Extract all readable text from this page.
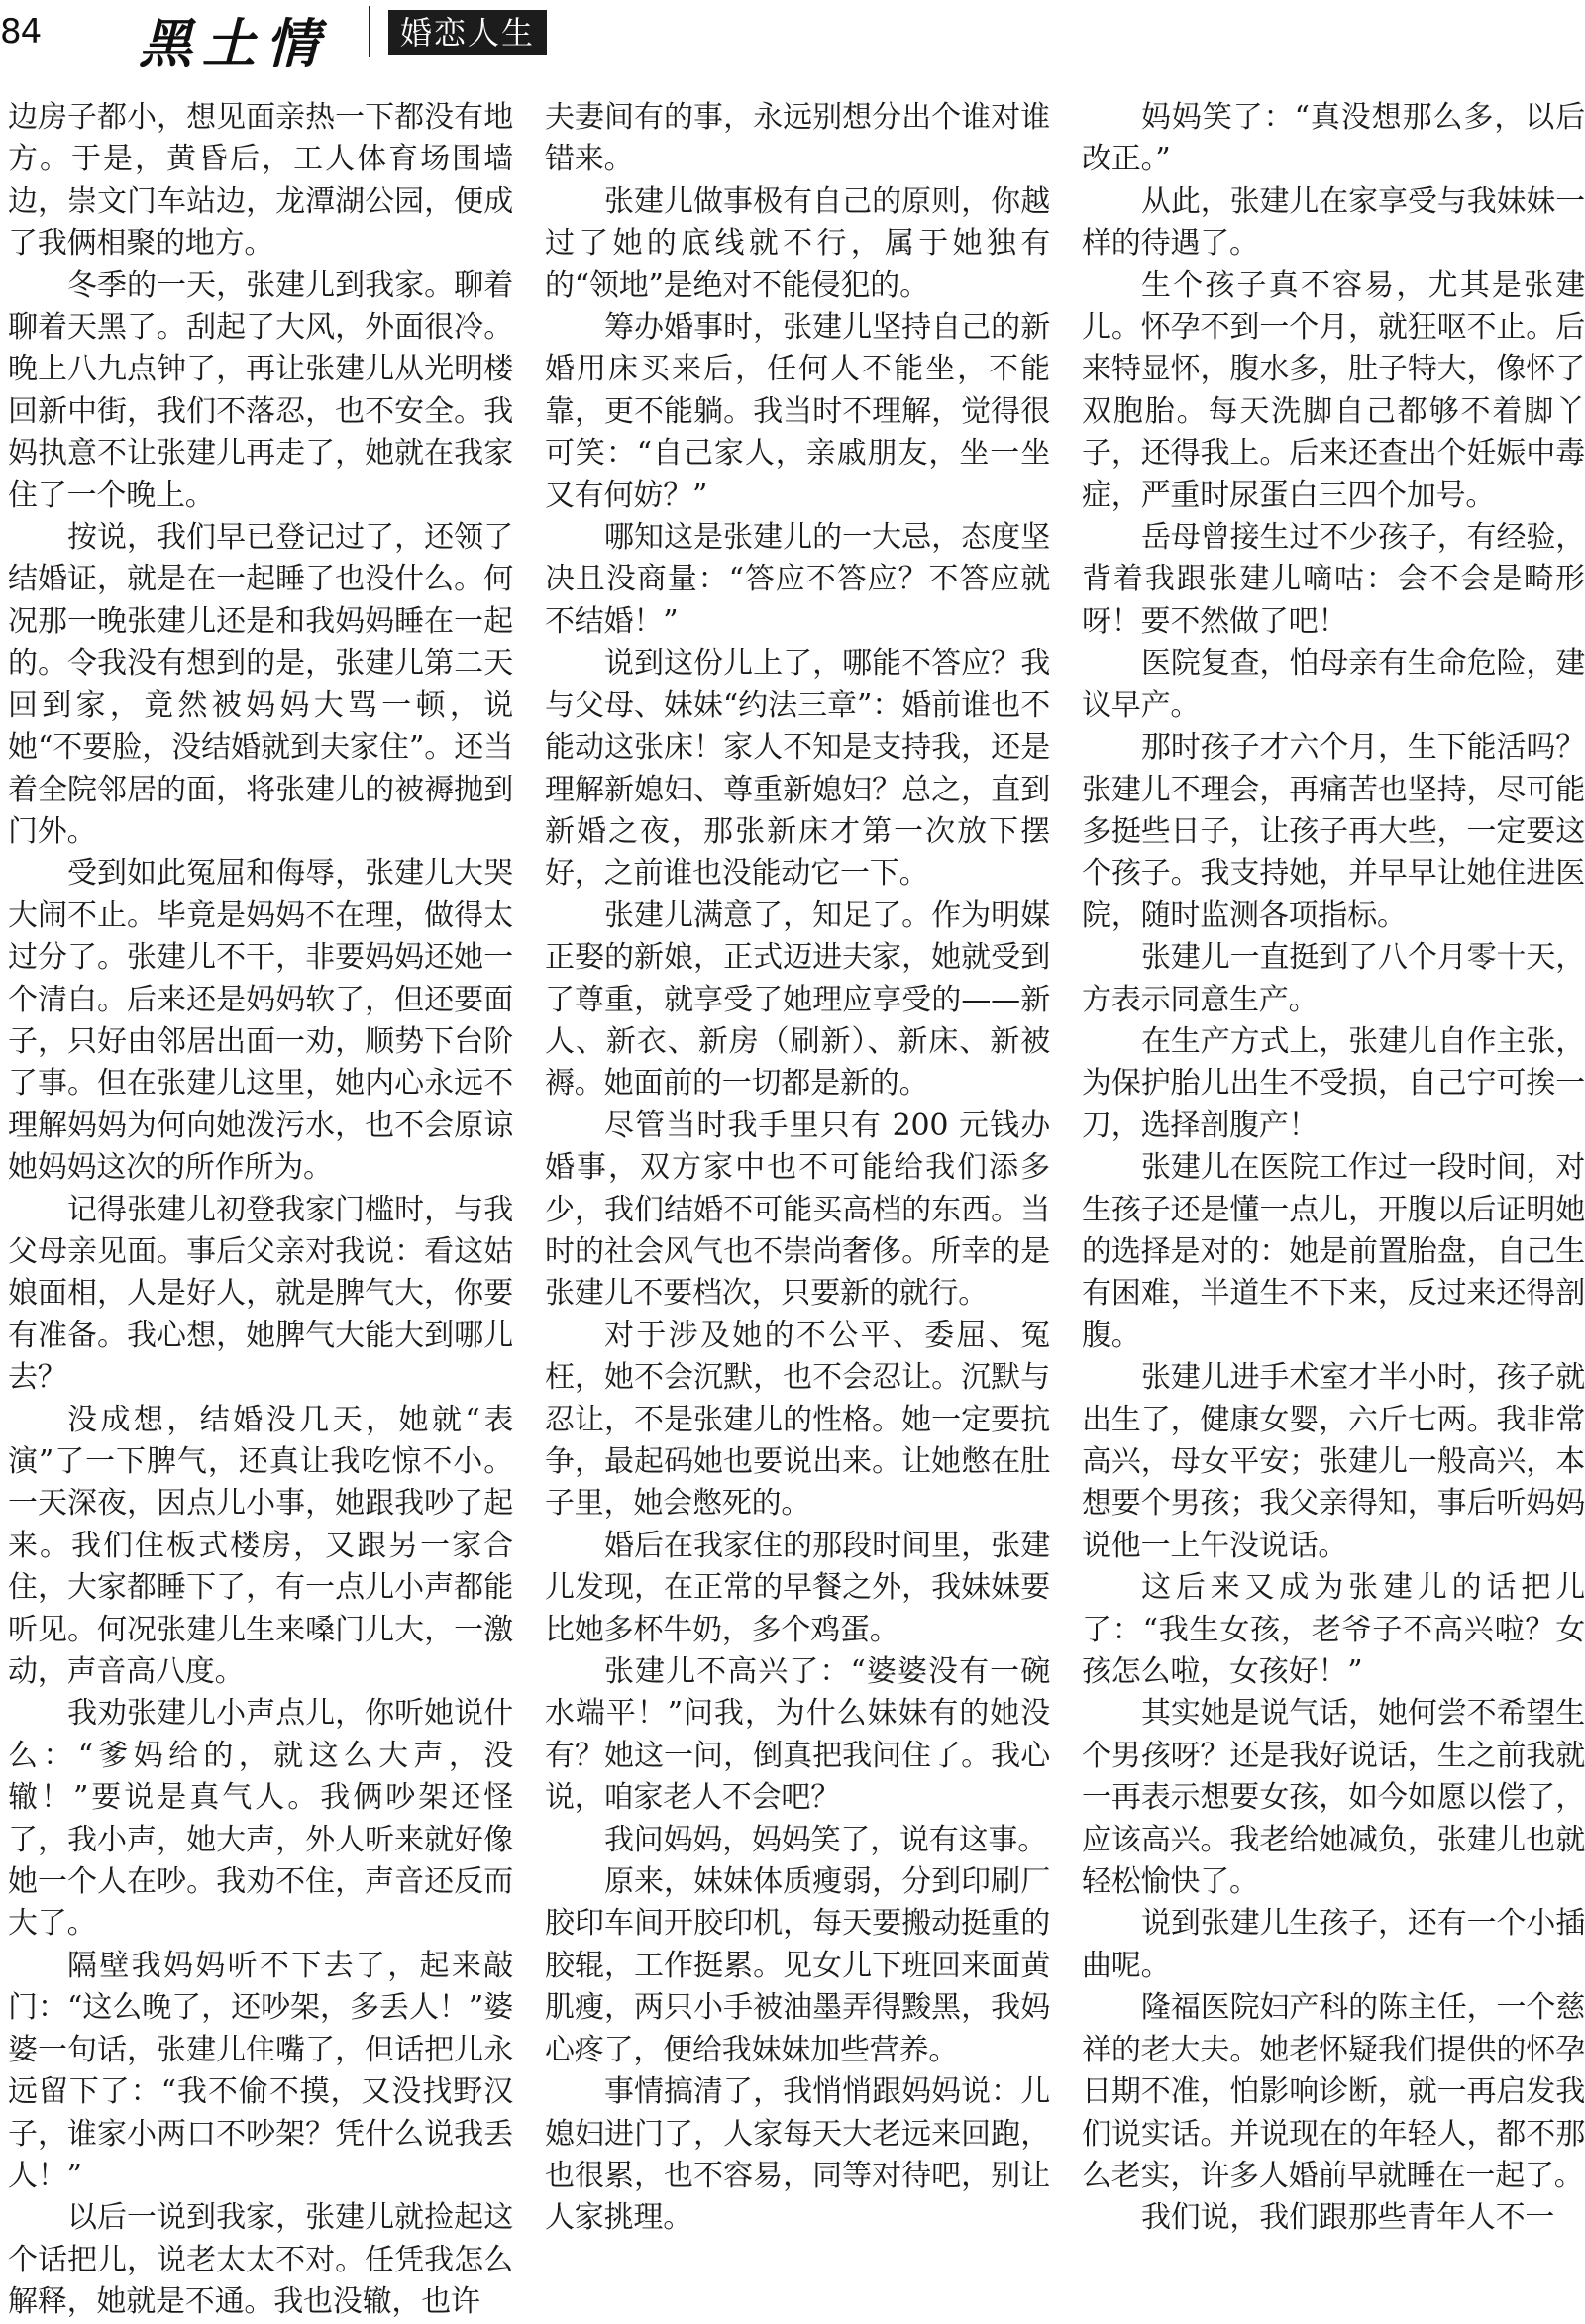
84 黑土情	婚恋人生

边房子都小，想见面亲热一下都没有地方。于是，黄昏后，工人体育场围墙边，崇文门车站边，龙潭湖公园，便成了我俩相聚的地方。

冬季的一天，张建儿到我家。聊着聊着天黑了。刮起了大风，外面很冷。晚上八九点钟了，再让张建儿从光明楼回新中街，我们不落忍，也不安全。我妈执意不让张建儿再走了，她就在我家住了一个晚上。

按说，我们早已登记过了，还领了结婚证，就是在一起睡了也没什么。何况那一晚张建儿还是和我妈妈睡在一起的。令我没有想到的是，张建儿第二天回到家，竟然被妈妈大骂一顿，说她“不要脸，没结婚就到夫家住”。还当着全院邻居的面，将张建儿的被褥抛到门外。

受到如此冤屈和侮辱，张建儿大哭大闹不止。毕竟是妈妈不在理，做得太过分了。张建儿不干，非要妈妈还她一个清白。后来还是妈妈软了，但还要面子，只好由邻居出面一劝，顺势下台阶了事。但在张建儿这里，她内心永远不理解妈妈为何向她泼污水，也不会原谅她妈妈这次的所作所为。

记得张建儿初登我家门槛时，与我父母亲见面。事后父亲对我说：看这姑娘面相，人是好人，就是脾气大，你要有准备。我心想，她脾气大能大到哪儿去？

没成想，结婚没几天，她就“表演”了一下脾气，还真让我吃惊不小。一天深夜，因点儿小事，她跟我吵了起来。我们住板式楼房，又跟另一家合住，大家都睡下了，有一点儿小声都能听见。何况张建儿生来嗓门儿大，一激动，声音高八度。

我劝张建儿小声点儿，你听她说什么：“爹妈给的，就这么大声，没辙！”要说是真气人。我俩吵架还怪了，我小声，她大声，外人听来就好像她一个人在吵。我劝不住，声音还反而大了。

隔壁我妈妈听不下去了，起来敲门：“这么晚了，还吵架，多丢人！”婆婆一句话，张建儿住嘴了，但话把儿永远留下了：“我不偷不摸，又没找野汉子，谁家小两口不吵架？凭什么说我丢人！”

以后一说到我家，张建儿就捡起这个话把儿，说老太太不对。任凭我怎么解释，她就是不通。我也没辙，也许

夫妻间有的事，永远别想分出个谁对谁错来。

张建儿做事极有自己的原则，你越过了她的底线就不行，属于她独有的“领地”是绝对不能侵犯的。

筹办婚事时，张建儿坚持自己的新婚用床买来后，任何人不能坐，不能靠，更不能躺。我当时不理解，觉得很可笑：“自己家人，亲戚朋友，坐一坐又有何妨？”

哪知这是张建儿的一大忌，态度坚决且没商量：“答应不答应？不答应就不结婚！”

说到这份儿上了，哪能不答应？我与父母、妹妹“约法三章”：婚前谁也不能动这张床！家人不知是支持我，还是理解新媳妇、尊重新媳妇？总之，直到新婚之夜，那张新床才第一次放下摆好，之前谁也没能动它一下。

张建儿满意了，知足了。作为明媒正娶的新娘，正式迈进夫家，她就受到了尊重，就享受了她理应享受的——新人、新衣、新房（刷新）、新床、新被褥。她面前的一切都是新的。

尽管当时我手里只有 200 元钱办婚事，双方家中也不可能给我们添多少，我们结婚不可能买高档的东西。当时的社会风气也不崇尚奢侈。所幸的是张建儿不要档次，只要新的就行。

对于涉及她的不公平、委屈、冤枉，她不会沉默，也不会忍让。沉默与忍让，不是张建儿的性格。她一定要抗争，最起码她也要说出来。让她憋在肚子里，她会憋死的。

婚后在我家住的那段时间里，张建儿发现，在正常的早餐之外，我妹妹要比她多杯牛奶，多个鸡蛋。

张建儿不高兴了：“婆婆没有一碗水端平！”问我，为什么妹妹有的她没有？她这一问，倒真把我问住了。我心说，咱家老人不会吧？

我问妈妈，妈妈笑了，说有这事。

原来，妹妹体质瘦弱，分到印刷厂胶印车间开胶印机，每天要搬动挺重的胶辊，工作挺累。见女儿下班回来面黄肌瘦，两只小手被油墨弄得黢黑，我妈心疼了，便给我妹妹加些营养。

事情搞清了，我悄悄跟妈妈说：儿媳妇进门了，人家每天大老远来回跑，也很累，也不容易，同等对待吧，别让人家挑理。

妈妈笑了：“真没想那么多，以后改正。”

从此，张建儿在家享受与我妹妹一样的待遇了。

生个孩子真不容易，尤其是张建儿。怀孕不到一个月，就狂呕不止。后来特显怀，腹水多，肚子特大，像怀了双胞胎。每天洗脚自己都够不着脚丫子，还得我上。后来还查出个妊娠中毒症，严重时尿蛋白三四个加号。

岳母曾接生过不少孩子，有经验，背着我跟张建儿嘀咕：会不会是畸形呀！要不然做了吧！

医院复查，怕母亲有生命危险，建议早产。

那时孩子才六个月，生下能活吗？张建儿不理会，再痛苦也坚持，尽可能多挺些日子，让孩子再大些，一定要这个孩子。我支持她，并早早让她住进医院，随时监测各项指标。

张建儿一直挺到了八个月零十天，方表示同意生产。

在生产方式上，张建儿自作主张，为保护胎儿出生不受损，自己宁可挨一刀，选择剖腹产！

张建儿在医院工作过一段时间，对生孩子还是懂一点儿，开腹以后证明她的选择是对的：她是前置胎盘，自己生有困难，半道生不下来，反过来还得剖腹。

张建儿进手术室才半小时，孩子就出生了，健康女婴，六斤七两。我非常高兴，母女平安；张建儿一般高兴，本想要个男孩；我父亲得知，事后听妈妈说他一上午没说话。

这后来又成为张建儿的话把儿了：“我生女孩，老爷子不高兴啦？女孩怎么啦，女孩好！”

其实她是说气话，她何尝不希望生个男孩呀？还是我好说话，生之前我就一再表示想要女孩，如今如愿以偿了，应该高兴。我老给她减负，张建儿也就轻松愉快了。

说到张建儿生孩子，还有一个小插曲呢。

隆福医院妇产科的陈主任，一个慈祥的老大夫。她老怀疑我们提供的怀孕日期不准，怕影响诊断，就一再启发我们说实话。并说现在的年轻人，都不那么老实，许多人婚前早就睡在一起了。

我们说，我们跟那些青年人不一
